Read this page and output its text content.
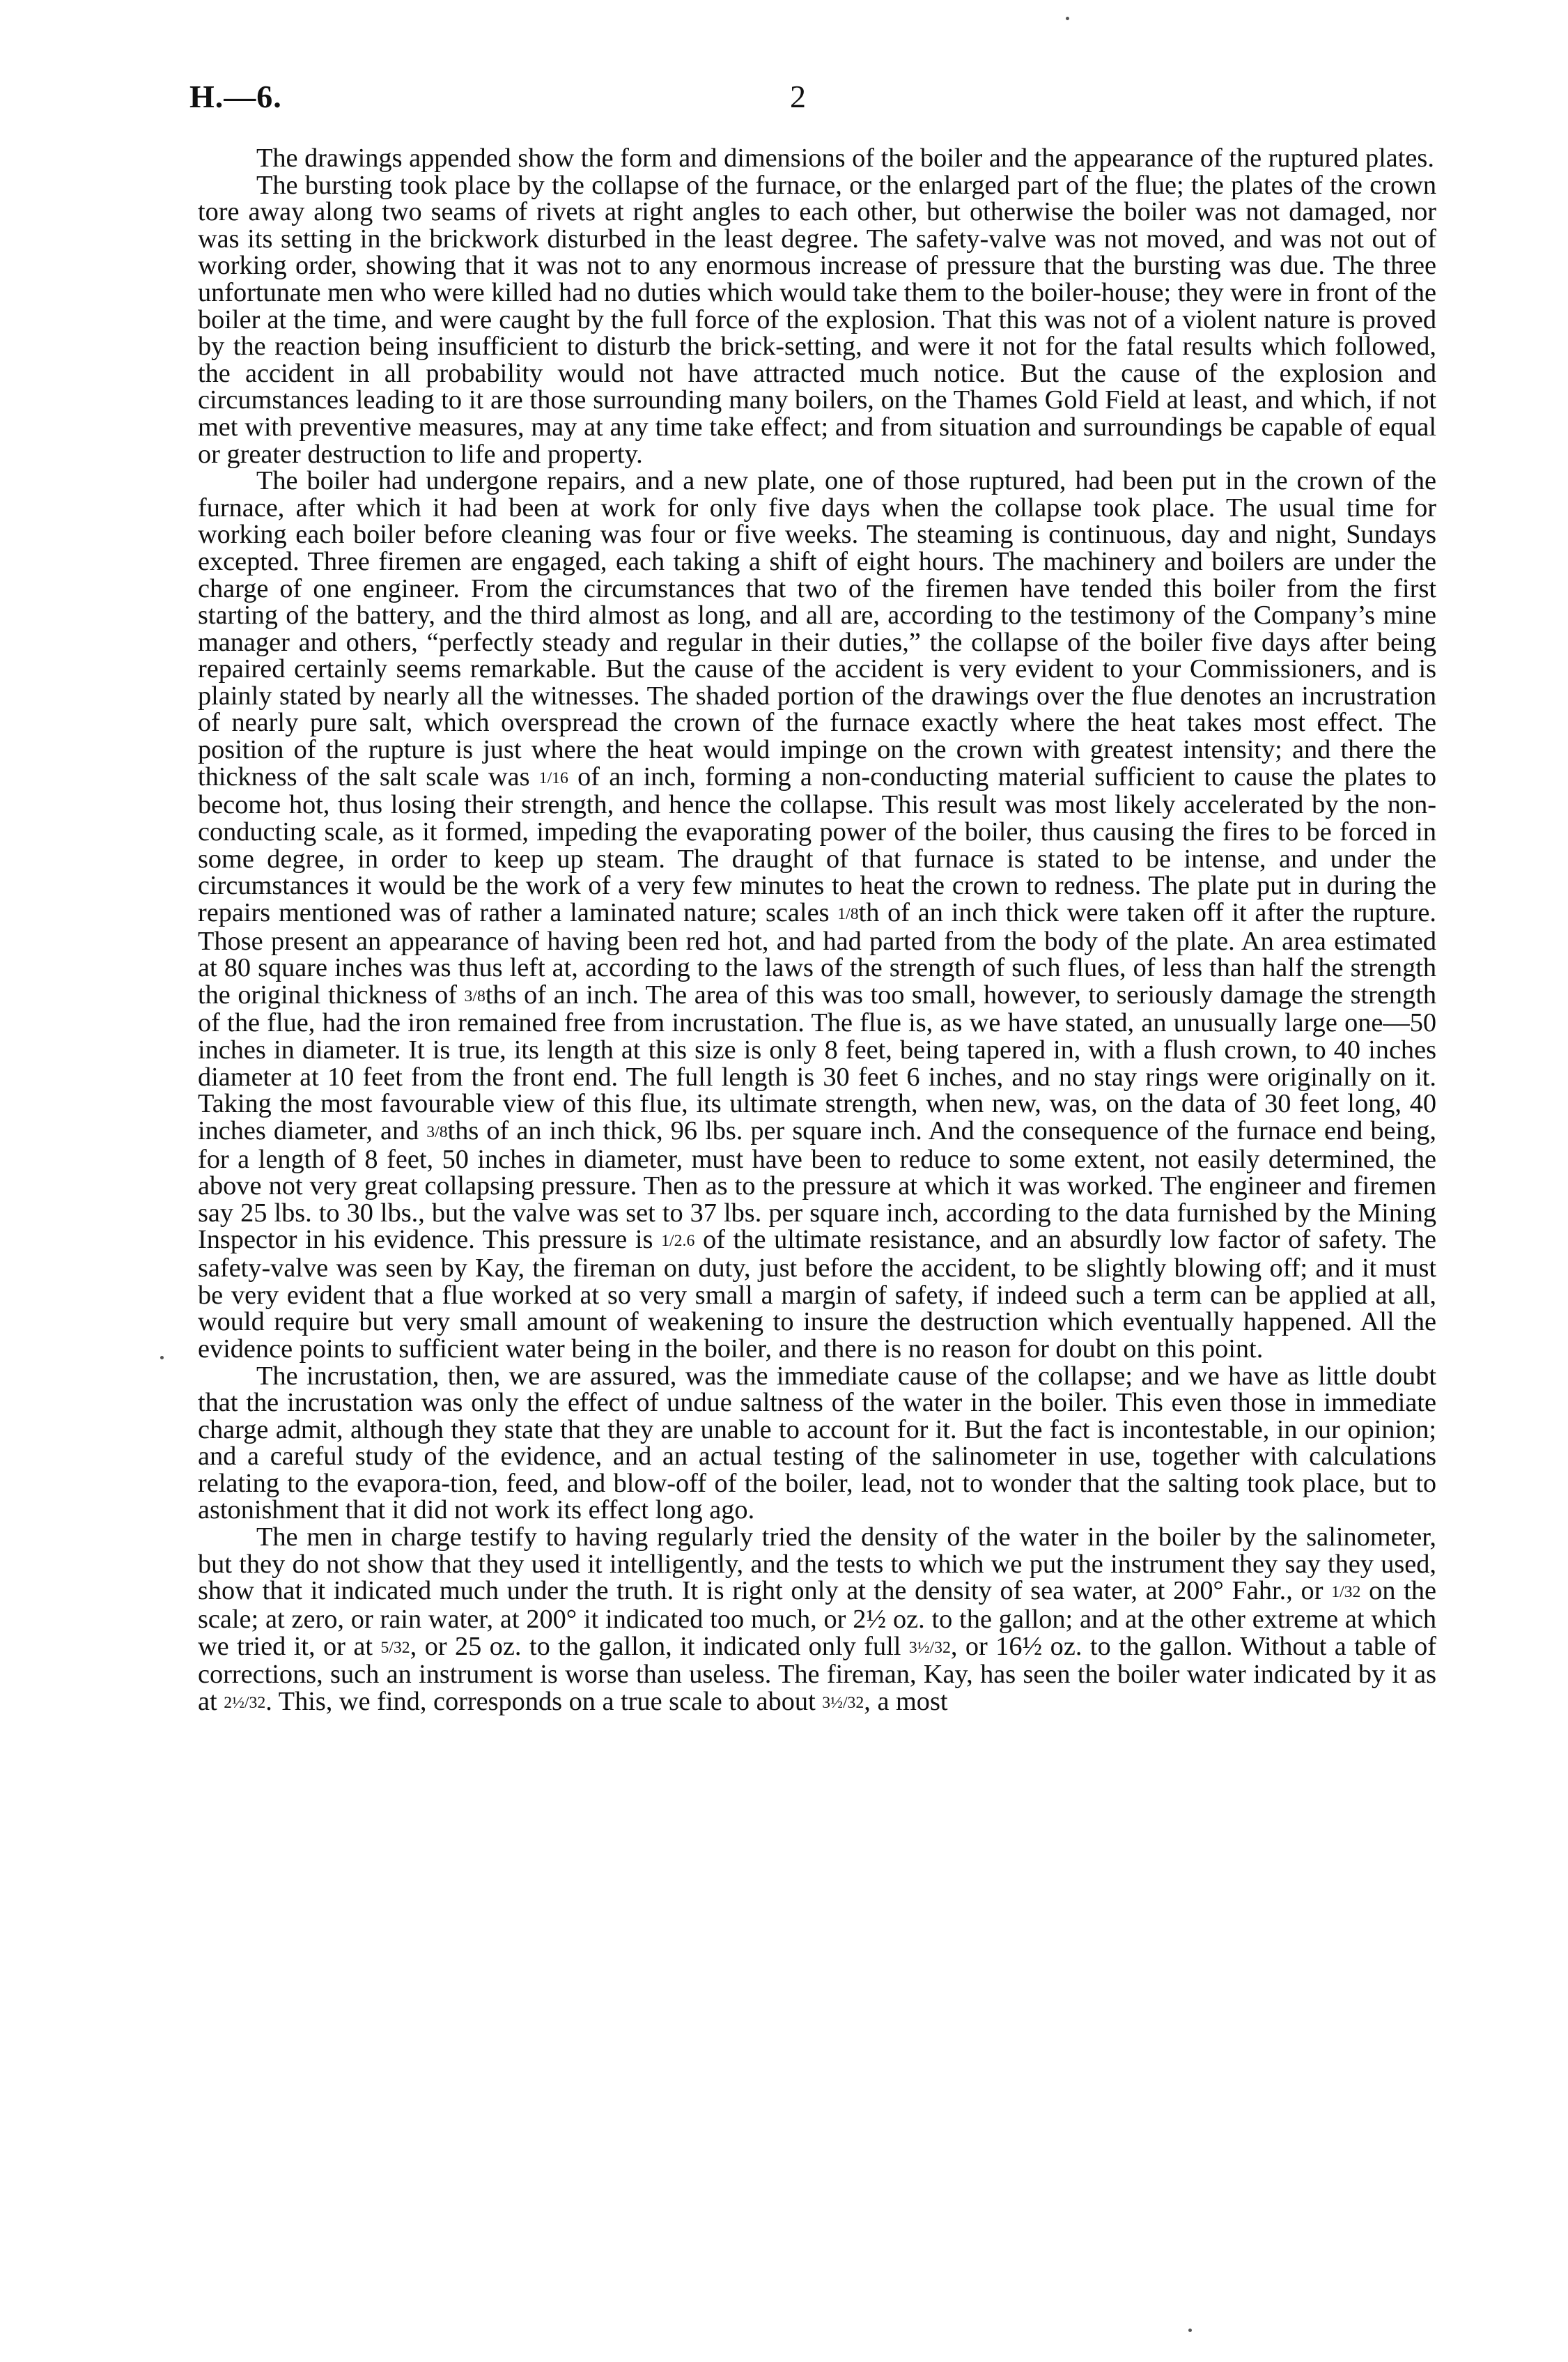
H.—6.	2

The drawings appended show the form and dimensions of the boiler and the appearance of the ruptured plates.

The bursting took place by the collapse of the furnace, or the enlarged part of the flue; the plates of the crown tore away along two seams of rivets at right angles to each other, but otherwise the boiler was not damaged, nor was its setting in the brickwork disturbed in the least degree. The safety-valve was not moved, and was not out of working order, showing that it was not to any enormous increase of pressure that the bursting was due. The three unfortunate men who were killed had no duties which would take them to the boiler-house; they were in front of the boiler at the time, and were caught by the full force of the explosion. That this was not of a violent nature is proved by the reaction being insufficient to disturb the brick-setting, and were it not for the fatal results which followed, the accident in all probability would not have attracted much notice. But the cause of the explosion and circumstances leading to it are those surrounding many boilers, on the Thames Gold Field at least, and which, if not met with preventive measures, may at any time take effect; and from situation and surroundings be capable of equal or greater destruction to life and property.

The boiler had undergone repairs, and a new plate, one of those ruptured, had been put in the crown of the furnace, after which it had been at work for only five days when the collapse took place. The usual time for working each boiler before cleaning was four or five weeks. The steaming is continuous, day and night, Sundays excepted. Three firemen are engaged, each taking a shift of eight hours. The machinery and boilers are under the charge of one engineer. From the circumstances that two of the firemen have tended this boiler from the first starting of the battery, and the third almost as long, and all are, according to the testimony of the Company’s mine manager and others, “perfectly steady and regular in their duties,” the collapse of the boiler five days after being repaired certainly seems remarkable. But the cause of the accident is very evident to your Commissioners, and is plainly stated by nearly all the witnesses. The shaded portion of the drawings over the flue denotes an incrustration of nearly pure salt, which overspread the crown of the furnace exactly where the heat takes most effect. The position of the rupture is just where the heat would impinge on the crown with greatest intensity; and there the thickness of the salt scale was 1/16 of an inch, forming a non-conducting material sufficient to cause the plates to become hot, thus losing their strength, and hence the collapse. This result was most likely accelerated by the non-conducting scale, as it formed, impeding the evaporating power of the boiler, thus causing the fires to be forced in some degree, in order to keep up steam. The draught of that furnace is stated to be intense, and under the circumstances it would be the work of a very few minutes to heat the crown to redness. The plate put in during the repairs mentioned was of rather a laminated nature; scales 1/8th of an inch thick were taken off it after the rupture. Those present an appearance of having been red hot, and had parted from the body of the plate. An area estimated at 80 square inches was thus left at, according to the laws of the strength of such flues, of less than half the strength the original thickness of 3/8ths of an inch. The area of this was too small, however, to seriously damage the strength of the flue, had the iron remained free from incrustation. The flue is, as we have stated, an unusually large one—50 inches in diameter. It is true, its length at this size is only 8 feet, being tapered in, with a flush crown, to 40 inches diameter at 10 feet from the front end. The full length is 30 feet 6 inches, and no stay rings were originally on it. Taking the most favourable view of this flue, its ultimate strength, when new, was, on the data of 30 feet long, 40 inches diameter, and 3/8ths of an inch thick, 96 lbs. per square inch. And the consequence of the furnace end being, for a length of 8 feet, 50 inches in diameter, must have been to reduce to some extent, not easily determined, the above not very great collapsing pressure. Then as to the pressure at which it was worked. The engineer and firemen say 25 lbs. to 30 lbs., but the valve was set to 37 lbs. per square inch, according to the data furnished by the Mining Inspector in his evidence. This pressure is 1/2.6 of the ultimate resistance, and an absurdly low factor of safety. The safety-valve was seen by Kay, the fireman on duty, just before the accident, to be slightly blowing off; and it must be very evident that a flue worked at so very small a margin of safety, if indeed such a term can be applied at all, would require but very small amount of weakening to insure the destruction which eventually happened. All the evidence points to sufficient water being in the boiler, and there is no reason for doubt on this point.

The incrustation, then, we are assured, was the immediate cause of the collapse; and we have as little doubt that the incrustation was only the effect of undue saltness of the water in the boiler. This even those in immediate charge admit, although they state that they are unable to account for it. But the fact is incontestable, in our opinion; and a careful study of the evidence, and an actual testing of the salinometer in use, together with calculations relating to the evapora-tion, feed, and blow-off of the boiler, lead, not to wonder that the salting took place, but to astonishment that it did not work its effect long ago.

The men in charge testify to having regularly tried the density of the water in the boiler by the salinometer, but they do not show that they used it intelligently, and the tests to which we put the instrument they say they used, show that it indicated much under the truth. It is right only at the density of sea water, at 200° Fahr., or 1/32 on the scale; at zero, or rain water, at 200° it indicated too much, or 2½ oz. to the gallon; and at the other extreme at which we tried it, or at 5/32, or 25 oz. to the gallon, it indicated only full 3½/32, or 16½ oz. to the gallon. Without a table of corrections, such an instrument is worse than useless. The fireman, Kay, has seen the boiler water indicated by it as at 2½/32. This, we find, corresponds on a true scale to about 3½/32, a most
